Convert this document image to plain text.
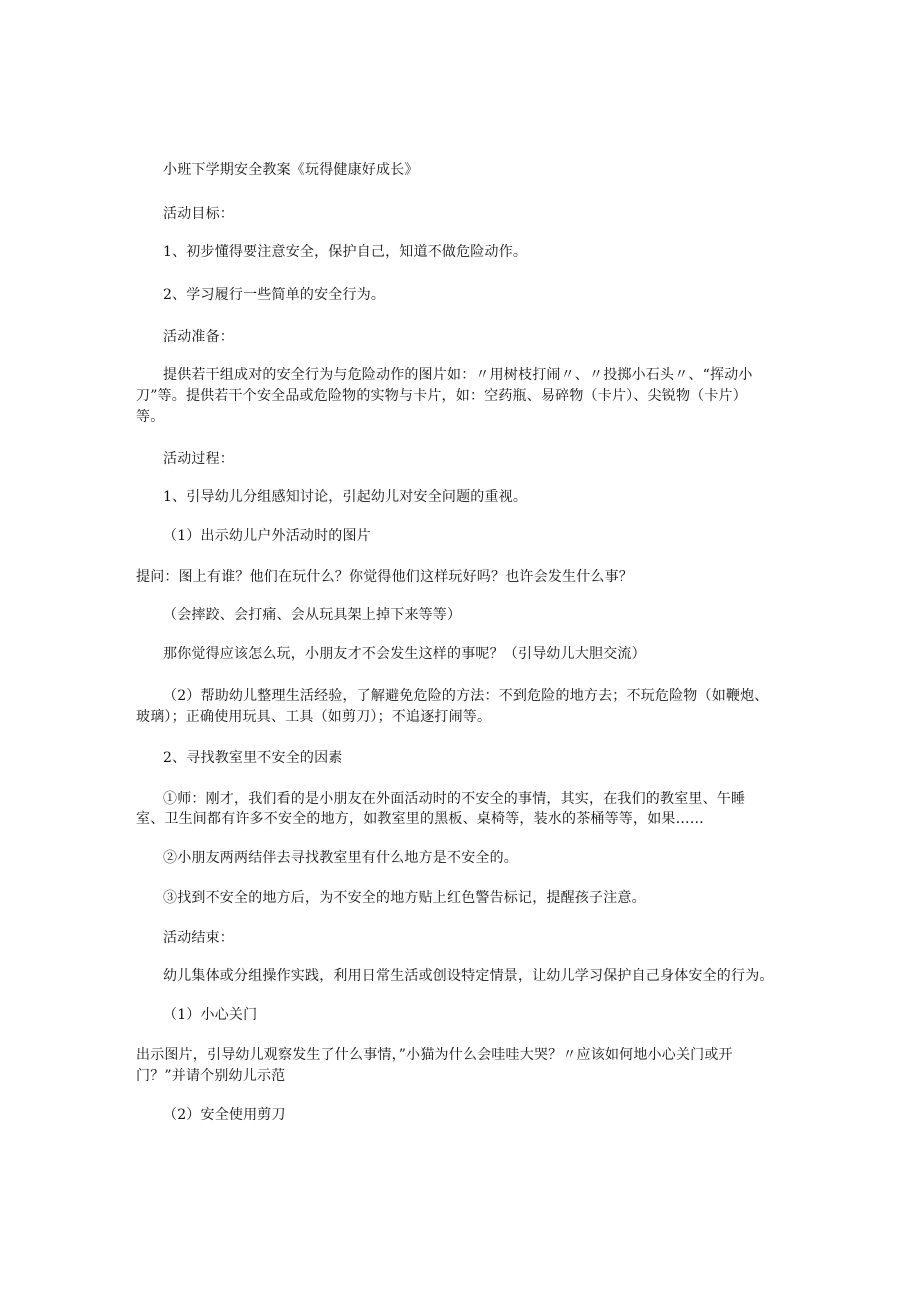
小班下学期安全教案《玩得健康好成长》
活动目标：
1、初步懂得要注意安全，保护自己，知道不做危险动作。
2、学习履行一些简单的安全行为。
活动准备：
提供若干组成对的安全行为与危险动作的图片如：〃用树枝打闹〃、〃投掷小石头〃、“挥动小
刀”等。提供若干个安全品或危险物的实物与卡片，如：空药瓶、易碎物（卡片）、尖锐物（卡片）
等。
活动过程：
1、引导幼儿分组感知讨论，引起幼儿对安全问题的重视。
（1）出示幼儿户外活动时的图片
提问：图上有谁？他们在玩什么？你觉得他们这样玩好吗？也许会发生什么事？
（会摔跤、会打痛、会从玩具架上掉下来等等）
那你觉得应该怎么玩，小朋友才不会发生这样的事呢？（引导幼儿大胆交流）
（2）帮助幼儿整理生活经验，了解避免危险的方法：不到危险的地方去；不玩危险物（如鞭炮、
玻璃）；正确使用玩具、工具（如剪刀）；不追逐打闹等。
2、寻找教室里不安全的因素
①师：刚才，我们看的是小朋友在外面活动时的不安全的事情，其实，在我们的教室里、午睡
室、卫生间都有许多不安全的地方，如教室里的黑板、桌椅等，装水的茶桶等等，如果……
②小朋友两两结伴去寻找教室里有什么地方是不安全的。
③找到不安全的地方后，为不安全的地方贴上红色警告标记，提醒孩子注意。
活动结束：
幼儿集体或分组操作实践，利用日常生活或创设特定情景，让幼儿学习保护自己身体安全的行为。
（1）小心关门
出示图片，引导幼儿观察发生了什么事情，”小猫为什么会哇哇大哭？〃应该如何地小心关门或开
门？”并请个别幼儿示范
（2）安全使用剪刀
